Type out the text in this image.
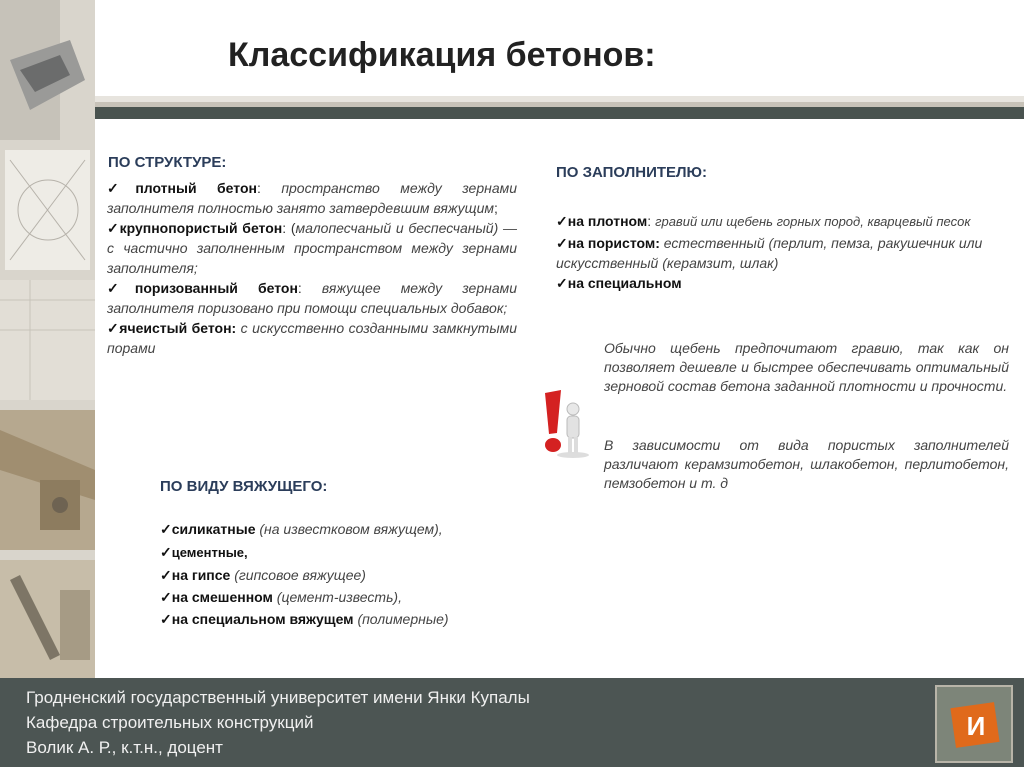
Классификация бетонов:
ПО СТРУКТУРЕ:
✓плотный бетон: пространство между зернами заполнителя полностью занято затвердевшим вяжущим;
✓крупнопористый бетон: (малопесчаный и беспесчаный) — с частично заполненным пространством между зернами заполнителя;
✓поризованный бетон: вяжущее между зернами заполнителя поризовано при помощи специальных добавок;
✓ячеистый бетон: с искусственно созданными замкнутыми порами
ПО ЗАПОЛНИТЕЛЮ:
✓на плотном: гравий или щебень горных пород, кварцевый песок
✓на пористом: естественный (перлит, пемза, ракушечник или искусственный (керамзит, шлак)
✓на специальном
Обычно щебень предпочитают гравию, так как он позволяет дешевле и быстрее обеспечивать оптимальный зерновой состав бетона заданной плотности и прочности.
В зависимости от вида пористых заполнителей различают керамзитобетон, шлакобетон, перлитобетон, пемзобетон и т. д
ПО ВИДУ ВЯЖУЩЕГО:
✓силикатные (на известковом вяжущем),
✓цементные,
✓на гипсе (гипсовое вяжущее)
✓на смешенном (цемент-известь),
✓на специальном вяжущем (полимерные)
Гродненский государственный университет имени Янки Купалы
Кафедра строительных конструкций
Волик А. Р., к.т.н., доцент
И
